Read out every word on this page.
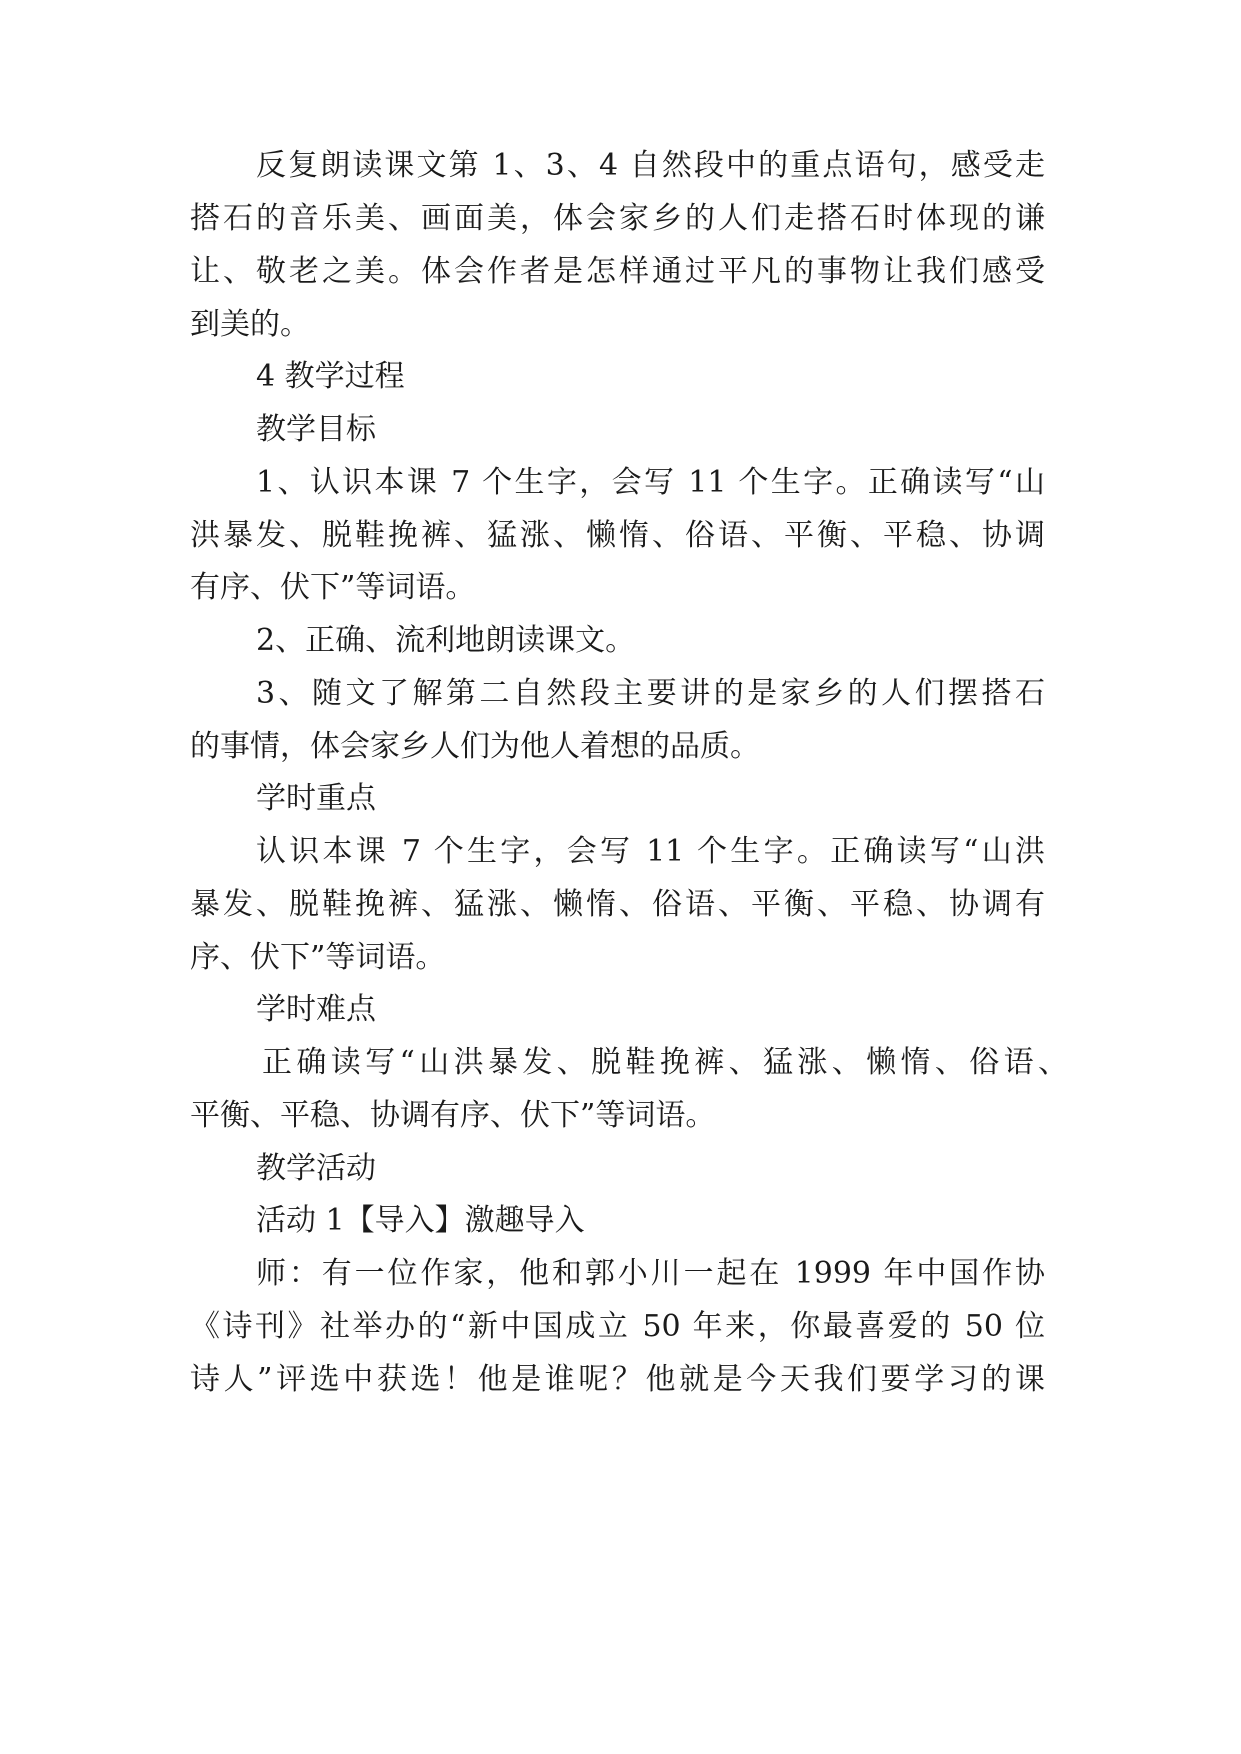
反复朗读课文第 1、3、4 自然段中的重点语句，感受走
搭石的音乐美、画面美，体会家乡的人们走搭石时体现的谦
让、敬老之美。体会作者是怎样通过平凡的事物让我们感受
到美的。
4 教学过程
教学目标
1、认识本课 7 个生字，会写 11 个生字。正确读写“山
洪暴发、脱鞋挽裤、猛涨、懒惰、俗语、平衡、平稳、协调
有序、伏下”等词语。
2、正确、流利地朗读课文。
3、随文了解第二自然段主要讲的是家乡的人们摆搭石
的事情，体会家乡人们为他人着想的品质。
学时重点
认识本课 7 个生字，会写 11 个生字。正确读写“山洪
暴发、脱鞋挽裤、猛涨、懒惰、俗语、平衡、平稳、协调有
序、伏下”等词语。
学时难点
正确读写“山洪暴发、脱鞋挽裤、猛涨、懒惰、俗语、
平衡、平稳、协调有序、伏下”等词语。
教学活动
活动 1【导入】激趣导入
师：有一位作家，他和郭小川一起在 1999 年中国作协
《诗刊》社举办的“新中国成立 50 年来，你最喜爱的 50 位
诗人”评选中获选！他是谁呢？他就是今天我们要学习的课
